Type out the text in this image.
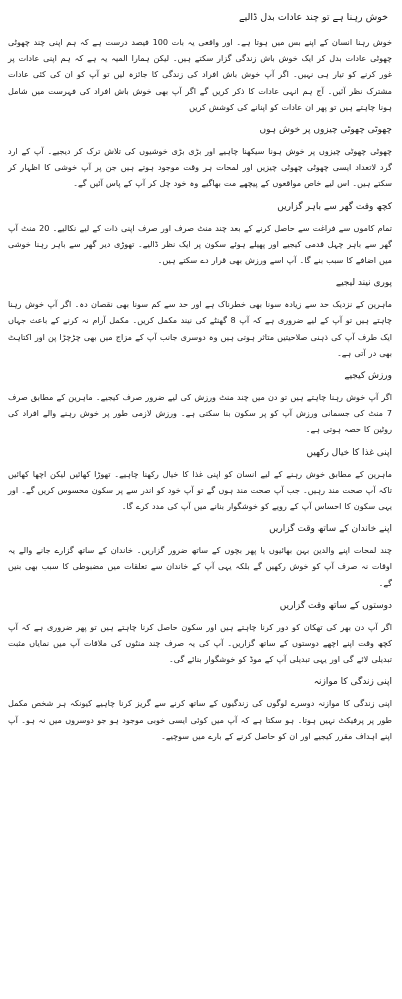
خوش رہنا ہے تو چند عادات بدل ڈالیے
خوش رہنا انسان کے اپنے بس میں ہوتا ہے۔ اور واقعی یہ بات 100 فیصد درست ہے کہ ہم اپنی چند چھوٹی چھوٹی عادات بدل کر ایک خوش باش زندگی گزار سکتے ہیں۔ لیکن ہمارا المیہ یہ ہے کہ ہم اپنی عادات پر غور کرنے کو تیار ہی نہیں۔ اگر آپ خوش باش افراد کی زندگی کا جائزہ لیں تو آپ کو ان کی کئی عادات مشترک نظر آئیں۔ آج ہم انہی عادات کا ذکر کریں گے اگر آپ بھی خوش باش افراد کی فہرست میں شامل ہونا چاہتے ہیں تو پھر ان عادات کو اپنانے کی کوشش کریں
چھوٹی چھوٹی چیزوں پر خوش ہوں
چھوٹی چھوٹی چیزوں پر خوش ہونا سیکھنا چاہیے اور بڑی بڑی خوشیوں کی تلاش ترک کر دیجیے۔ آپ کے ارد گرد لاتعداد ایسی چھوٹی چھوٹی چیزیں اور لمحات ہر وقت موجود ہوتے ہیں جن پر آپ خوشی کا اظہار کر سکتے ہیں۔ اس لیے خاص مواقعوں کے پیچھے مت بھاگیے وہ خود چل کر آپ کے پاس آئیں گے۔
کچھ وقت گھر سے باہر گزاریں
تمام کاموں سے فراغت سے حاصل کرنے کے بعد چند منٹ صرف اور صرف اپنی ذات کے لیے نکالیے۔ 20 منٹ آپ گھر سے باہر چہل قدمی کیجیے اور پھیلے ہوئے سکون پر ایک نظر ڈالیے۔ تھوڑی دیر گھر سے باہر رہنا خوشی میں اضافے کا سبب بنے گا۔ آپ اسے ورزش بھی قرار دے سکتے ہیں۔
پوری نیند لیجیے
ماہرین کے نزدیک حد سے زیادہ سونا بھی خطرناک ہے اور حد سے کم سونا بھی نقصان دہ۔ اگر آپ خوش رہنا چاہتے ہیں تو آپ کے لیے ضروری ہے کہ آپ 8 گھنٹے کی نیند مکمل کریں۔ مکمل آرام نہ کرنے کے باعث جہاں ایک طرف آپ کی ذہنی صلاحیتیں متاثر ہوتی ہیں وہ دوسری جانب آپ کے مزاج میں بھی چڑچڑا پن اور اکتاہٹ بھی در آتی ہے۔
ورزش کیجیے
اگر آپ خوش رہنا چاہتے ہیں تو دن میں چند منٹ ورزش کی لیے ضرور صرف کیجیے۔ ماہرین کے مطابق صرف 7 منٹ کی جسمانی ورزش آپ کو پر سکون بنا سکتی ہے۔ ورزش لازمی طور پر خوش رہنے والے افراد کی روٹین کا حصہ ہوتی ہے۔
اپنی غذا کا خیال رکھیں
ماہرین کے مطابق خوش رہنے کے لیے انسان کو اپنی غذا کا خیال رکھنا چاہیے۔ تھوڑا کھائیں لیکن اچھا کھائیں تاکہ آپ صحت مند رہیں۔ جب آپ صحت مند ہوں گے تو آپ خود کو اندر سے پر سکون محسوس کریں گے۔ اور یہی سکون کا احساس آپ کے رویے کو خوشگوار بنانے میں آپ کی مدد کرے گا۔
اپنے خاندان کے ساتھ وقت گزاریں
چند لمحات اپنے والدین بہن بھائیوں یا پھر بچوں کے ساتھ ضرور گزاریں۔ خاندان کے ساتھ گزارے جانے والے یہ اوقات نہ صرف آپ کو خوش رکھیں گے بلکہ یہی آپ کے خاندان سے تعلقات میں مضبوطی کا سبب بھی بنیں گے۔
دوستوں کے ساتھ وقت گزاریں
اگر آپ دن بھر کی تھکان کو دور کرنا چاہتے ہیں اور سکون حاصل کرنا چاہتے ہیں تو پھر ضروری ہے کہ آپ کچھ وقت اپنے اچھے دوستوں کے ساتھ گزاریں۔ آپ کی یہ صرف چند منٹوں کی ملاقات آپ میں نمایاں مثبت تبدیلی لائے گی اور یہی تبدیلی آپ کے موڈ کو خوشگوار بنائے گی۔
اپنی زندگی کا موازنہ
اپنی زندگی کا موازنہ دوسرے لوگوں کی زندگیوں کے ساتھ کرنے سے گریز کرنا چاہیے کیونکہ ہر شخص مکمل طور پر پرفیکٹ نہیں ہوتا۔ ہو سکتا ہے کہ آپ میں کوئی ایسی خوبی موجود ہو جو دوسروں میں نہ ہو۔ آپ اپنے اہداف مقرر کیجیے اور ان کو حاصل کرنے کے بارے میں سوچیے۔
